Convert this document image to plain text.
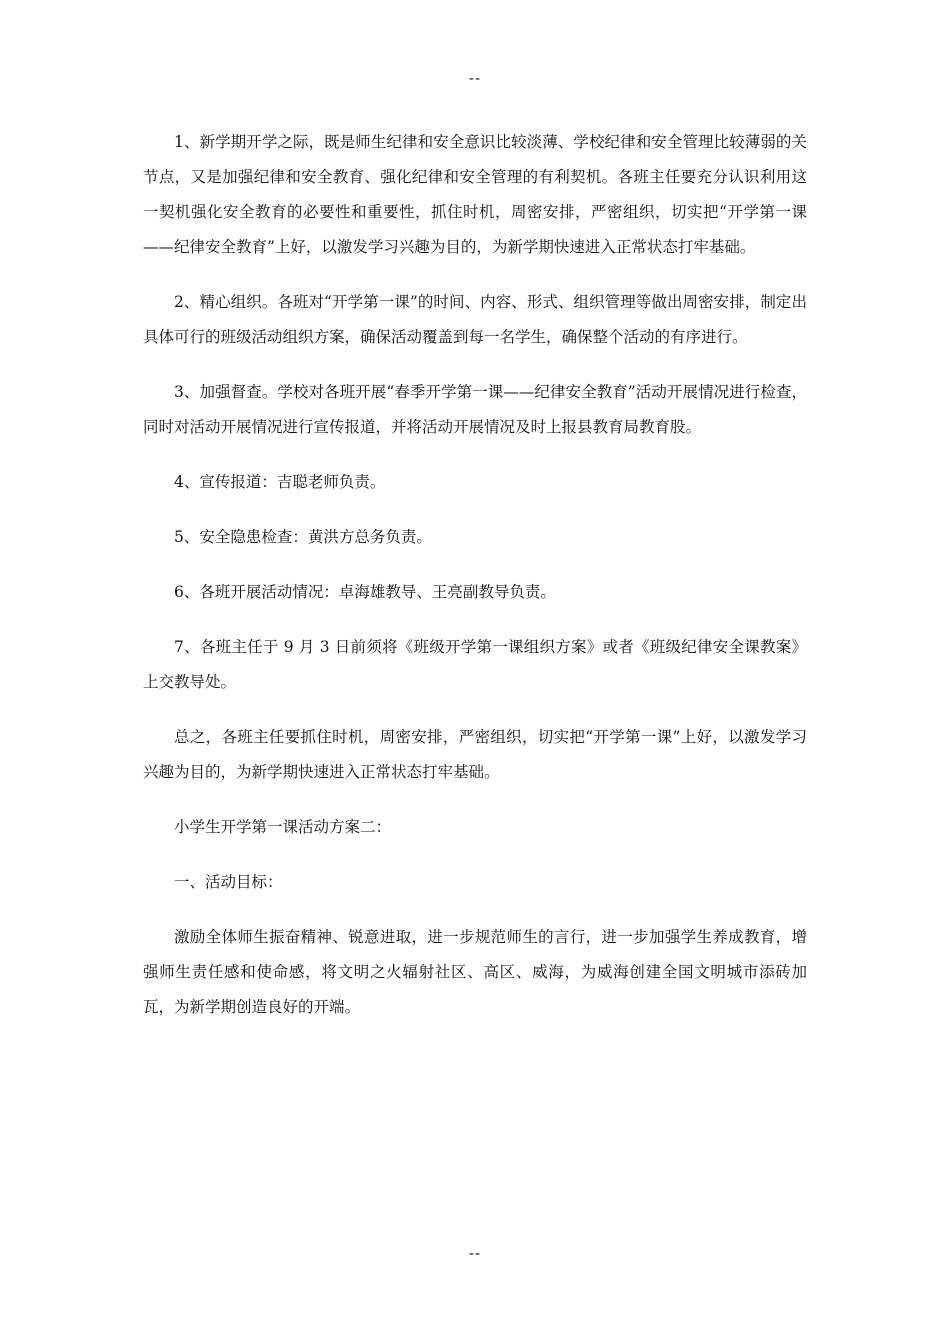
--

1、新学期开学之际，既是师生纪律和安全意识比较淡薄、学校纪律和安全管理比较薄弱的关节点，又是加强纪律和安全教育、强化纪律和安全管理的有利契机。各班主任要充分认识利用这一契机强化安全教育的必要性和重要性，抓住时机，周密安排，严密组织，切实把“开学第一课——纪律安全教育”上好，以激发学习兴趣为目的，为新学期快速进入正常状态打牢基础。

2、精心组织。各班对“开学第一课”的时间、内容、形式、组织管理等做出周密安排，制定出具体可行的班级活动组织方案，确保活动覆盖到每一名学生，确保整个活动的有序进行。

3、加强督查。学校对各班开展“春季开学第一课——纪律安全教育”活动开展情况进行检查，同时对活动开展情况进行宣传报道，并将活动开展情况及时上报县教育局教育股。

4、宣传报道：吉聪老师负责。

5、安全隐患检查：黄洪方总务负责。

6、各班开展活动情况：卓海雄教导、王亮副教导负责。

7、各班主任于 9 月 3 日前须将《班级开学第一课组织方案》或者《班级纪律安全课教案》上交教导处。

总之，各班主任要抓住时机，周密安排，严密组织，切实把“开学第一课”上好，以激发学习兴趣为目的，为新学期快速进入正常状态打牢基础。

小学生开学第一课活动方案二：

一、活动目标：

激励全体师生振奋精神、锐意进取，进一步规范师生的言行，进一步加强学生养成教育，增强师生责任感和使命感，将文明之火辐射社区、高区、威海，为威海创建全国文明城市添砖加瓦，为新学期创造良好的开端。

--
